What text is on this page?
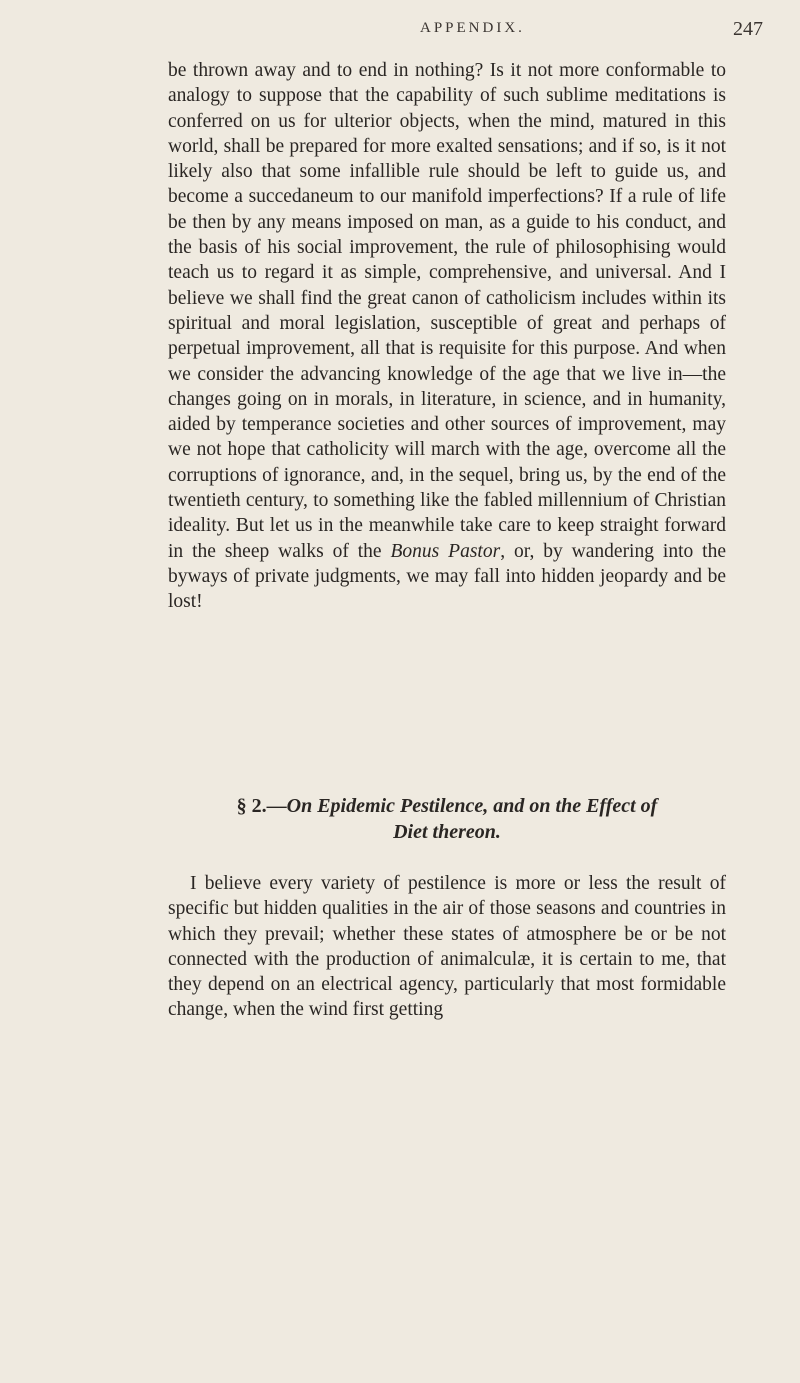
APPENDIX.	247

be thrown away and to end in nothing? Is it not more conformable to analogy to suppose that the capability of such sublime meditations is conferred on us for ulterior objects, when the mind, matured in this world, shall be prepared for more exalted sensations; and if so, is it not likely also that some infallible rule should be left to guide us, and become a succedaneum to our manifold imperfections? If a rule of life be then by any means imposed on man, as a guide to his conduct, and the basis of his social improvement, the rule of philosophising would teach us to regard it as simple, comprehensive, and universal. And I believe we shall find the great canon of catholicism includes within its spiritual and moral legislation, susceptible of great and perhaps of perpetual improvement, all that is requisite for this purpose. And when we consider the advancing knowledge of the age that we live in—the changes going on in morals, in literature, in science, and in humanity, aided by temperance societies and other sources of improvement, may we not hope that catholicity will march with the age, overcome all the corruptions of ignorance, and, in the sequel, bring us, by the end of the twentieth century, to something like the fabled millennium of Christian ideality. But let us in the meanwhile take care to keep straight forward in the sheep walks of the Bonus Pastor, or, by wandering into the byways of private judgments, we may fall into hidden jeopardy and be lost!

§ 2.—On Epidemic Pestilence, and on the Effect of
Diet thereon.

I believe every variety of pestilence is more or less the result of specific but hidden qualities in the air of those seasons and countries in which they prevail; whether these states of atmosphere be or be not connected with the production of animalculæ, it is certain to me, that they depend on an electrical agency, particularly that most formidable change, when the wind first getting
